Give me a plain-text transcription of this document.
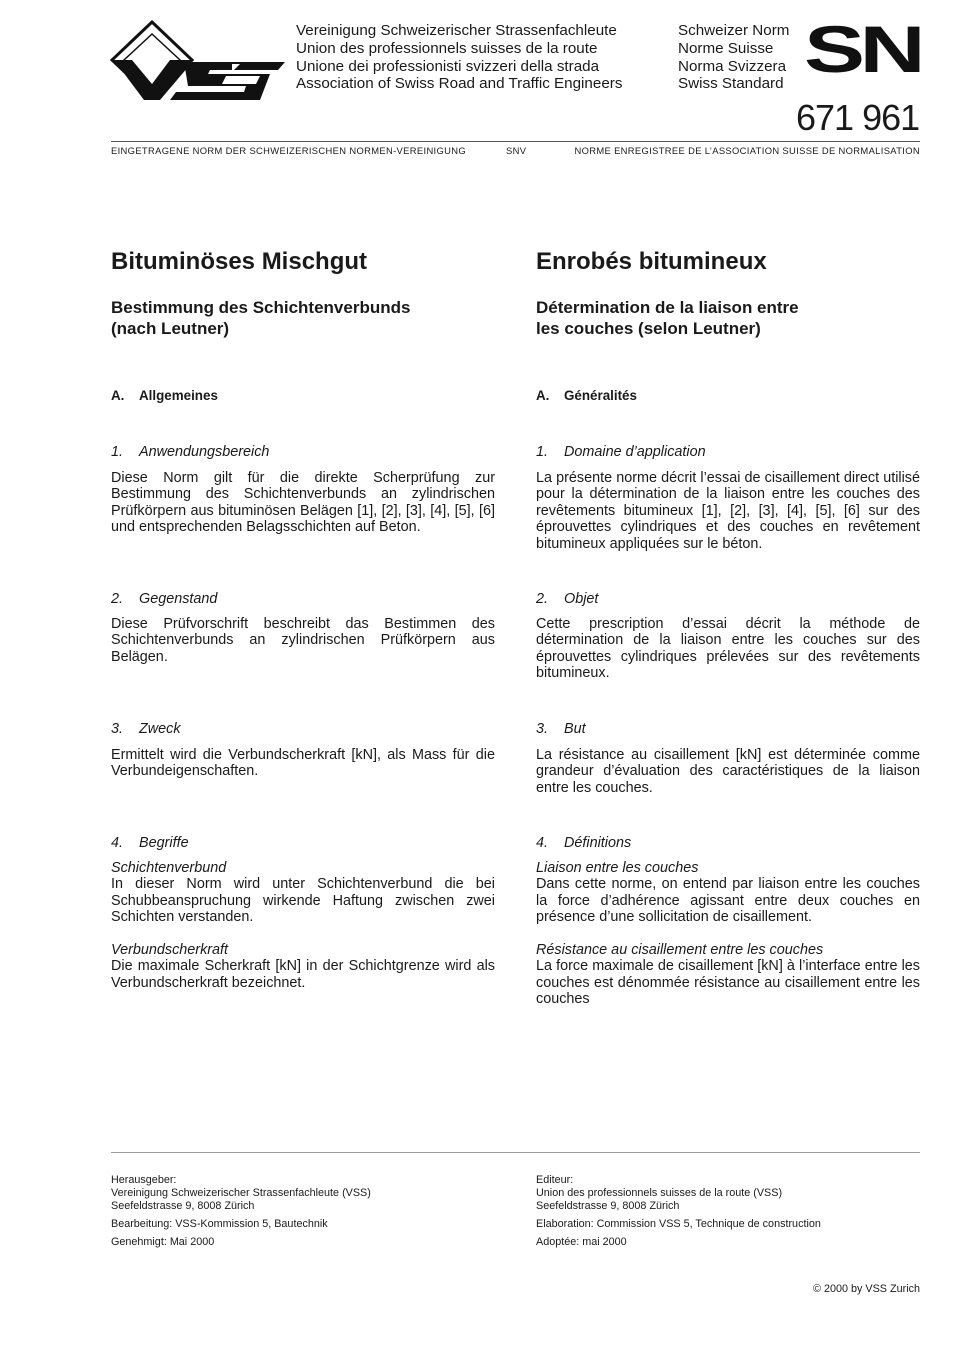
Vereinigung Schweizerischer Strassenfachleute
Union des professionnels suisses de la route
Unione dei professionisti svizzeri della strada
Association of Swiss Road and Traffic Engineers
Schweizer Norm
Norme Suisse
Norma Svizzera
Swiss Standard SN
671 961
EINGETRAGENE NORM DER SCHWEIZERISCHEN NORMEN-VEREINIGUNG	SNV	NORME ENREGISTREE DE L’ASSOCIATION SUISSE DE NORMALISATION
Bituminöses Mischgut
Bestimmung des Schichtenverbunds
(nach Leutner)
A. Allgemeines
1. Anwendungsbereich
Diese Norm gilt für die direkte Scherprüfung zur Bestimmung des Schichtenverbunds an zylindrischen Prüfkörpern aus bituminösen Belägen [1], [2], [3], [4], [5], [6] und entsprechenden Belagsschichten auf Beton.
2. Gegenstand
Diese Prüfvorschrift beschreibt das Bestimmen des Schichtenverbunds an zylindrischen Prüfkörpern aus Belägen.
3. Zweck
Ermittelt wird die Verbundscherkraft [kN], als Mass für die Verbundeigenschaften.
4. Begriffe
Schichtenverbund
In dieser Norm wird unter Schichtenverbund die bei Schubbeanspruchung wirkende Haftung zwischen zwei Schichten verstanden.
Verbundscherkraft
Die maximale Scherkraft [kN] in der Schichtgrenze wird als Verbundscherkraft bezeichnet.
Enrobés bitumineux
Détermination de la liaison entre
les couches (selon Leutner)
A. Généralités
1. Domaine d’application
La présente norme décrit l’essai de cisaillement direct utilisé pour la détermination de la liaison entre les couches des revêtements bitumineux [1], [2], [3], [4], [5], [6] sur des éprouvettes cylindriques et des couches en revêtement bitumineux appliquées sur le béton.
2. Objet
Cette prescription d’essai décrit la méthode de détermination de la liaison entre les couches sur des éprouvettes cylindriques prélevées sur des revêtements bitumineux.
3. But
La résistance au cisaillement [kN] est déterminée comme grandeur d’évaluation des caractéristiques de la liaison entre les couches.
4. Définitions
Liaison entre les couches
Dans cette norme, on entend par liaison entre les couches la force d’adhérence agissant entre deux couches en présence d’une sollicitation de cisaillement.
Résistance au cisaillement entre les couches
La force maximale de cisaillement [kN] à l’interface entre les couches est dénommée résistance au cisaillement entre les couches

Herausgeber:
Vereinigung Schweizerischer Strassenfachleute (VSS)
Seefeldstrasse 9, 8008 Zürich

Bearbeitung: VSS-Kommission 5, Bautechnik

Genehmigt: Mai 2000

Editeur:
Union des professionnels suisses de la route (VSS)
Seefeldstrasse 9, 8008 Zürich

Elaboration: Commission VSS 5, Technique de construction

Adoptée: mai 2000

© 2000 by VSS Zurich
